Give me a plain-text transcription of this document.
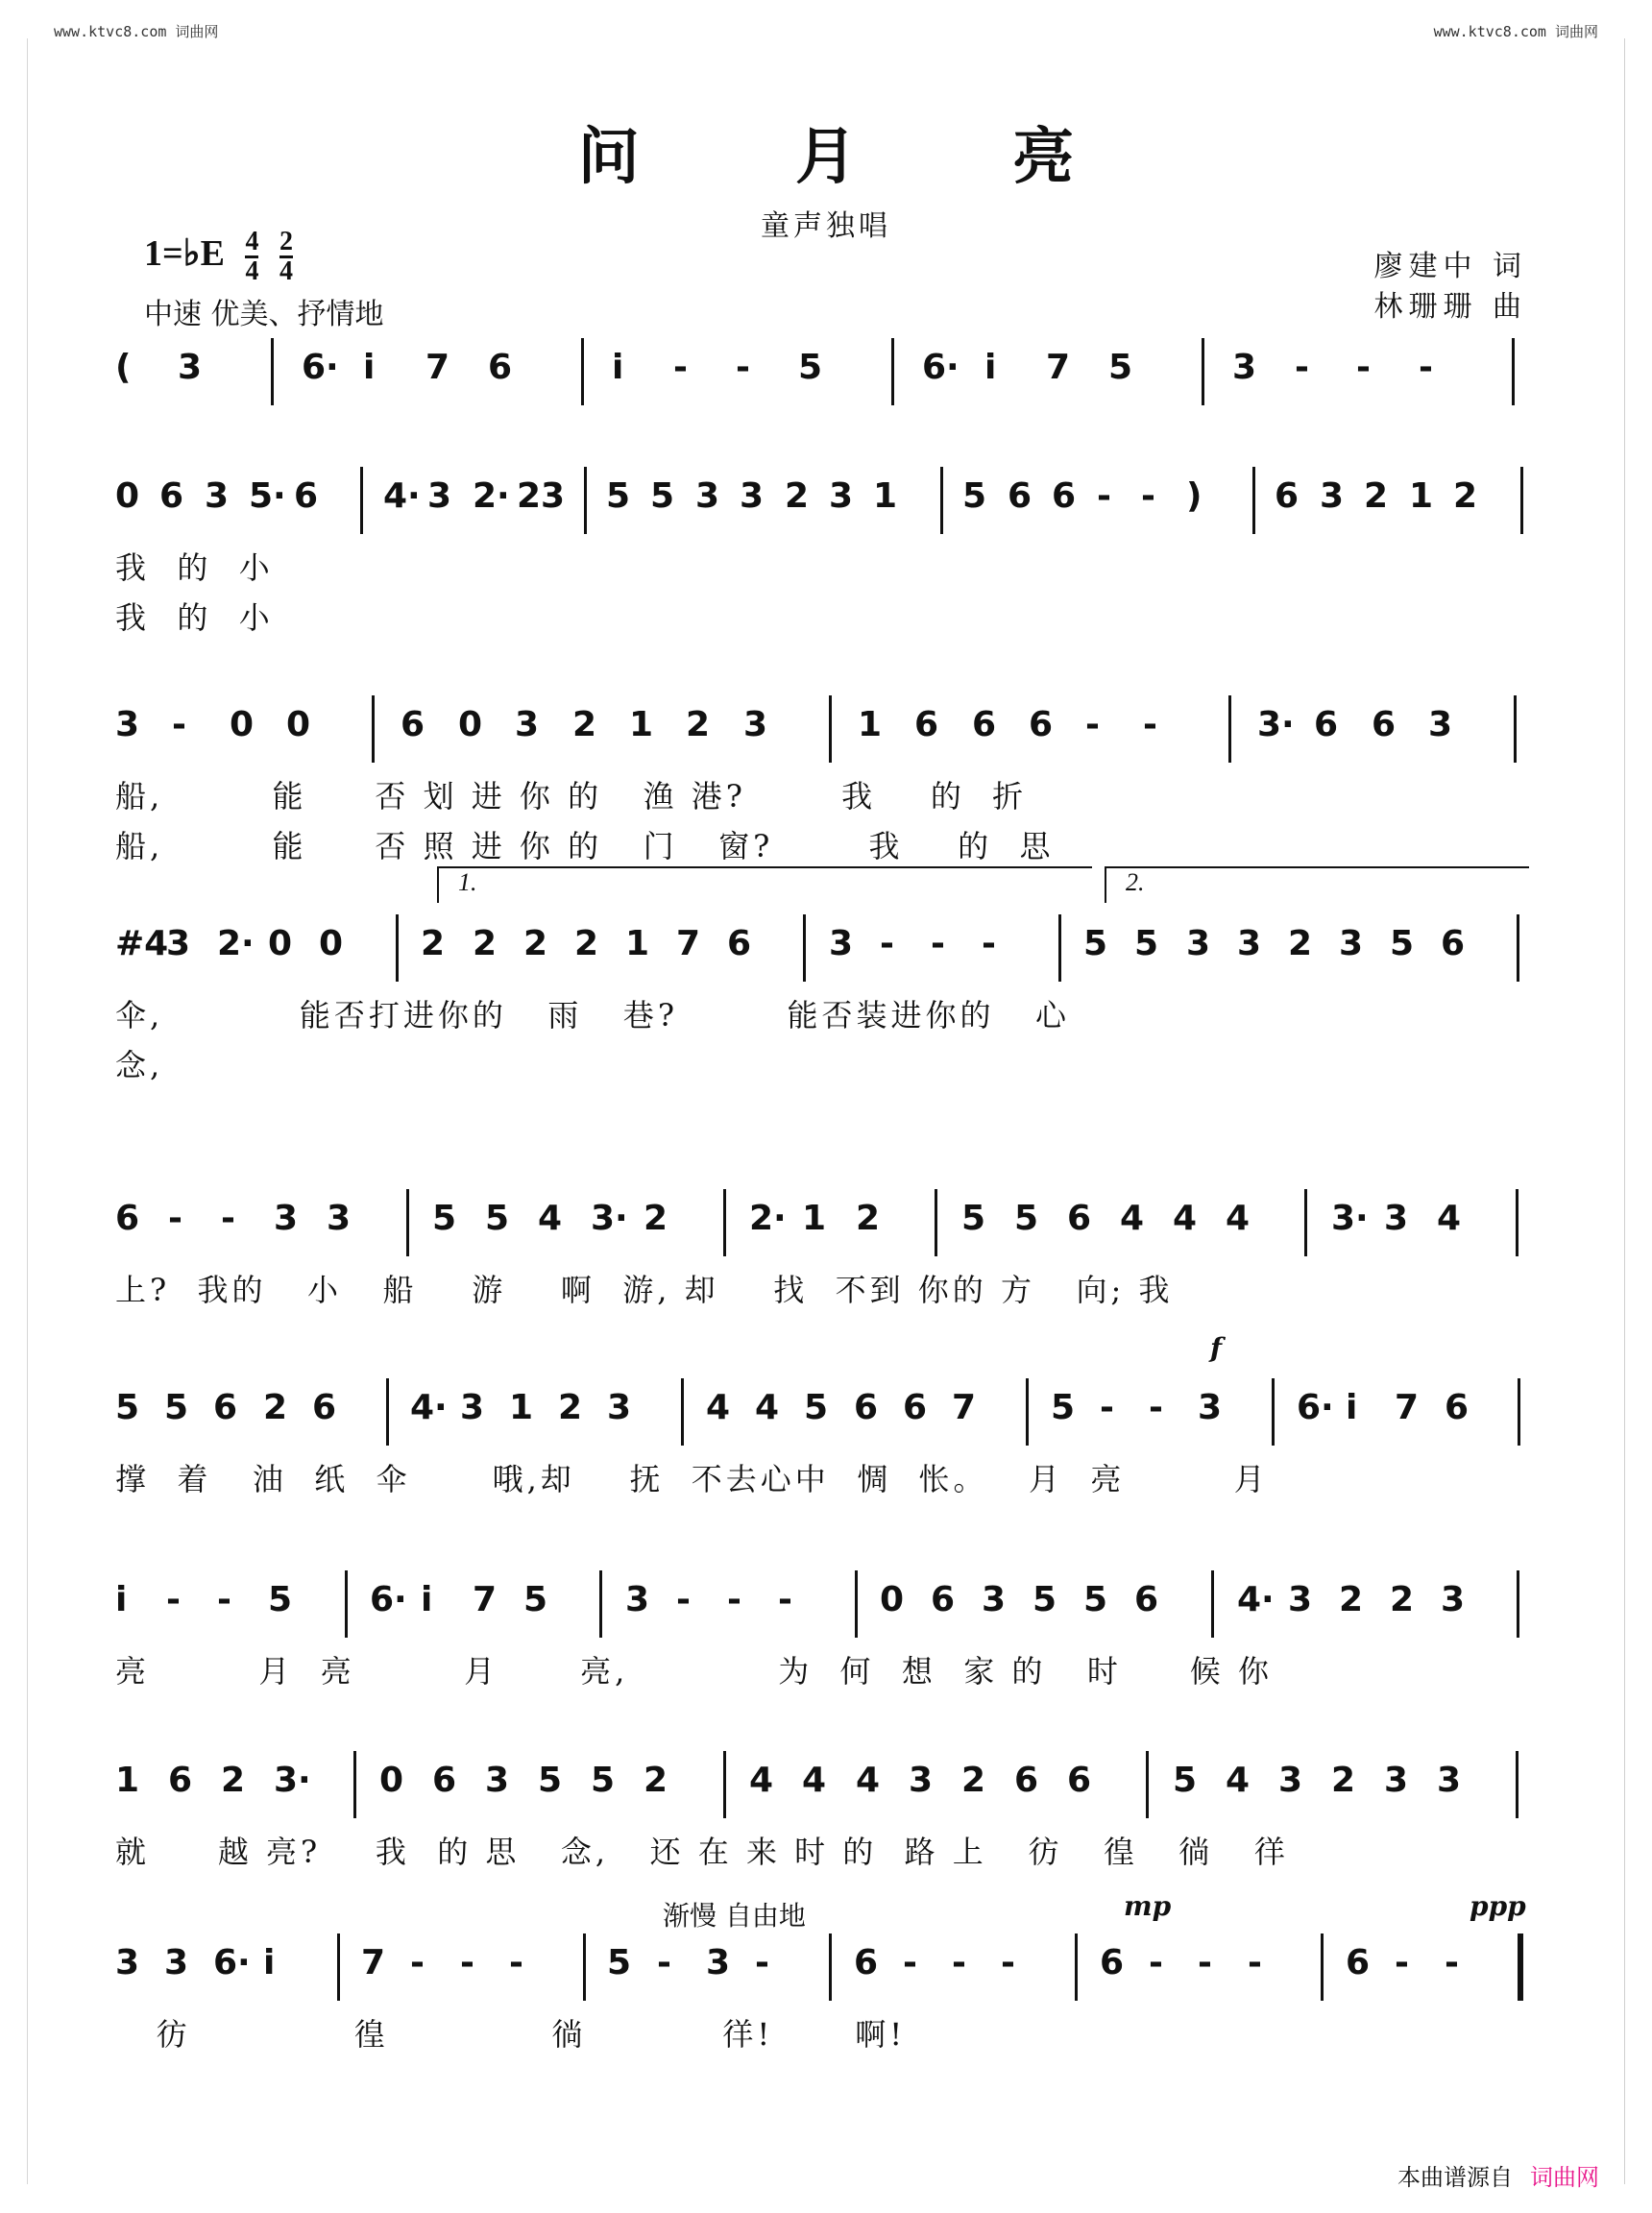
www.ktvc8.com 词曲网	www.ktvc8.com 词曲网
问 月 亮
童声独唱
1=♭E $\frac{4}{4}$
$\frac{2}{4}$
中速 优美、抒情地
廖建中 词
林珊珊 曲
( 3	6· i 7 6	i - - 5	6· i 7 5	3 - - -
0 6 3 5· 6 4· 3 2· 23 5 5 3 3 2 3 1 5 6 6 - - ) 6 3 2 1 2
我  的  小
我  的  小
3 - 0 0	6 0 3 2 1 2 3	1 6 6 6 - -	3· 6 6 3
船,        能     否 划 进 你 的   渔 港?       我    的  折
船,        能     否 照 进 你 的   门   窗?       我    的  思
#4
3 2· 0 0 2 2 2 2 1 7 6 3 - - -	5 5 3 3 2 3 5 6
伞,          能否打进你的   雨   巷?        能否装进你的   心
念,
1.	2.
6 - - 3 3 5 5 4 3· 2 2· 1 2 5 5 6 4 4 4 3· 3 4
上?  我的   小   船    游    啊  游, 却    找  不到 你的 方   向; 我
5 5 6 2 6 4· 3 1 2 3 4 4 5 6 6 7 5 - - 3 6· i 7 6
撑  着   油  纸  伞      哦,却    抚  不去心中  惆  怅。   月  亮        月
f
i - - 5 6· i 7 5 3 - - -	0 6 3 5 5 6 4· 3 2 2 3
亮        月  亮        月      亮,           为  何  想  家 的   时     候 你
1 6 2 3· 0 6 3 5 5 2 4 4 4 3 2 6 6 5 4 3 2 3 3
就     越 亮?    我  的 思   念,   还 在 来 时 的  路 上   彷   徨   徜   徉
3 3 6· i 7 - - - 5 - 3 - 6 - - - 6 - - - 6 - -
彷            徨            徜          徉!      啊!
渐慢 自由地	mp	ppp
本曲谱源自 词曲网
